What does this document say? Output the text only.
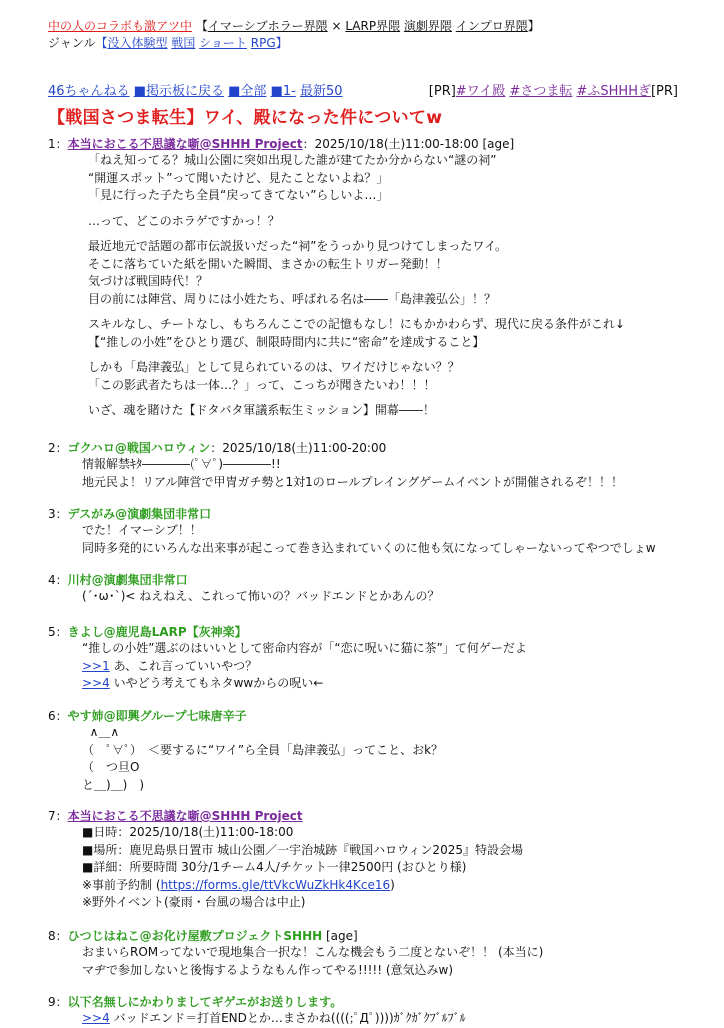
中の人のコラボも激アツ中 【イマーシブホラー界隈 × LARP界隈 演劇界隈 インプロ界隈】
ジャンル【没入体験型 戦国 ショート RPG】
46ちゃんねる ■掲示板に戻る ■全部 ■1- 最新50	[PR]#ワイ殿 #さつま転 #ふSHHHぎ[PR]
【戦国さつま転生】ワイ、殿になった件についてw
1：本当におこる不思議な噺@SHHH Project：2025/10/18(土)11:00-18:00 [age]

「ねえ知ってる？城山公園に突如出現した誰が建てたか分からない“謎の祠”

“開運スポット”って聞いたけど、見たことないよね？」

「見に行った子たち全員“戻ってきてない”らしいよ…」

…って、どこのホラゲですかっ！？

最近地元で話題の都市伝説扱いだった“祠”をうっかり見つけてしまったワイ。

そこに落ちていた紙を開いた瞬間、まさかの転生トリガー発動！！

気づけば戦国時代！？

目の前には陣営、周りには小姓たち、呼ばれる名は――「島津義弘公」！？

スキルなし、チートなし、もちろんここでの記憶もなし！にもかかわらず、現代に戻る条件がこれ↓

【“推しの小姓”をひとり選び、制限時間内に共に“密命”を達成すること】

しかも「島津義弘」として見られているのは、ワイだけじゃない？？

「この影武者たちは一体…？」って、こっちが聞きたいわ！！！

いざ、魂を賭けた【ドタバタ軍議系転生ミッション】開幕――！

2：ゴクハロ@戦国ハロウィン：2025/10/18(土)11:00-20:00

情報解禁ｷﾀ――――(ﾟ∀ﾟ)――――!!

地元民よ！リアル陣営で甲冑ガチ勢と1対1のロールプレイングゲームイベントが開催されるぞ！！！

3：デスがみ@演劇集団非常口

でた！イマーシブ！！

同時多発的にいろんな出来事が起こって巻き込まれていくのに他も気になってしゃーないってやつでしょw

4：川村@演劇集団非常口

(´･ω･`)< ねえねえ、これって怖いの？バッドエンドとかあんの？

5：きよし@鹿児島LARP【灰神楽】

“推しの小姓”選ぶのはいいとして密命内容が「“恋に呪いに猫に茶”」て何ゲーだよ

>>1 あ、これ言っていいやつ？

>>4 いやどう考えてもネタwwからの呪い←

6：やす姉@即興グループ七味唐辛子

∧＿∧

（　ﾟ∀ﾟ）　＜要するに“ワイ”ら全員「島津義弘」ってこと、おk？

（　つ旦O

と＿)＿)　)

7：本当におこる不思議な噺@SHHH Project

■日時：2025/10/18(土)11:00-18:00

■場所：鹿児島県日置市 城山公園／一宇治城跡『戦国ハロウィン2025』特設会場

■詳細：所要時間 30分/1チーム4人/チケット一律2500円 (おひとり様)

※事前予約制 (https://forms.gle/ttVkcWuZkHk4Kce16)

※野外イベント(豪雨・台風の場合は中止)

8：ひつじはねこ@お化け屋敷プロジェクトSHHH [age]

おまいらROMってないで現地集合一択な！こんな機会もう二度とないぞ！！ (本当に)

マヂで参加しないと後悔するようなもん作ってやる!!!!! (意気込みw)

9：以下名無しにかわりましてギゲエがお送りします。

>>4 バッドエンド＝打首ENDとか…まさかね((((;ﾟДﾟ))))ｶﾞｸｶﾞｸﾌﾞﾙﾌﾞﾙ
